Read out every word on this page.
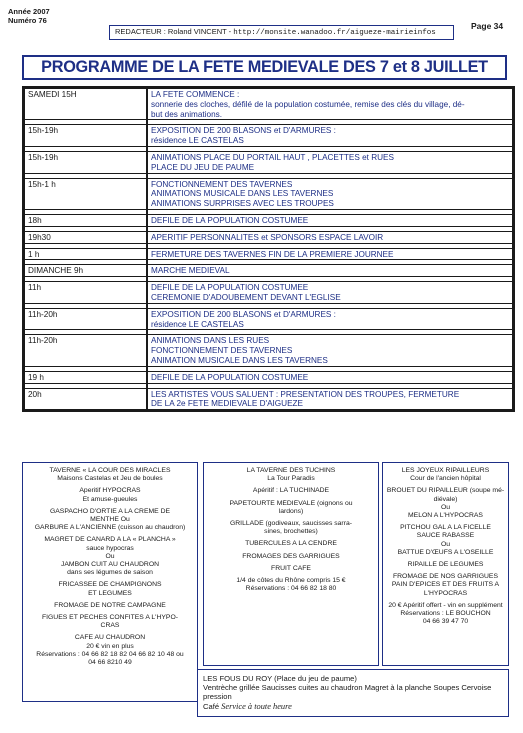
Année 2007
Numéro 76
REDACTEUR : Roland VINCENT - http://monsite.wanadoo.fr/aigueze-mairieinfos
Page 34
PROGRAMME DE LA FETE MEDIEVALE DES 7 et 8 JUILLET
SAMEDI 15H	LA FETE COMMENCE :
sonnerie des cloches, défilé de la population costumée, remise des clés du village, dé-
but des animations.

15h-19h	EXPOSITION DE 200 BLASONS et D'ARMURES :
résidence LE CASTELAS

15h-19h	ANIMATIONS PLACE DU PORTAIL HAUT , PLACETTES et RUES
PLACE DU JEU DE PAUME

15h-1 h	FONCTIONNEMENT DES TAVERNES
ANIMATIONS MUSICALE DANS LES TAVERNES
ANIMATIONS SURPRISES AVEC LES TROUPES

18h	DEFILE DE LA POPULATION COSTUMEE

19h30	APERITIF PERSONNALITES et SPONSORS ESPACE LAVOIR

1 h	FERMETURE DES TAVERNES FIN DE LA PREMIERE JOURNEE

DIMANCHE 9h	MARCHE MEDIEVAL

11h	DEFILE DE LA POPULATION COSTUMEE
CEREMONIE D'ADOUBEMENT DEVANT L'EGLISE

11h-20h	EXPOSITION DE 200 BLASONS et D'ARMURES :
résidence LE CASTELAS

11h-20h	ANIMATIONS DANS LES RUES
FONCTIONNEMENT DES TAVERNES
ANIMATION MUSICALE DANS LES TAVERNES

19 h	DEFILE DE LA POPULATION COSTUMEE

20h	LES ARTISTES VOUS SALUENT : PRESENTATION DES TROUPES, FERMETURE
DE LA 2e FETE MEDIEVALE D'AIGUEZE

TAVERNE « LA COUR DES MIRACLES

Maisons Castelas et Jeu de boules

Aperitif HYPOCRAS

Et amuse-gueules

GASPACHO D'ORTIE A LA CREME DE

MENTHE Ou

GARBURE A L'ANCIENNE (cuisson au chaudron)

MAGRET DE CANARD A LA « PLANCHA »

sauce hypocras

Ou

JAMBON CUIT AU CHAUDRON

dans ses légumes de saison

FRICASSEE DE CHAMPIGNONS

ET LEGUMES

FROMAGE DE NOTRE CAMPAGNE

FIGUES ET PECHES CONFITES A L'HYPO-

CRAS

CAFE AU CHAUDRON

20 € vin en plus

Réservations : 04 66 82 18 82 04 66 82 10 48 ou

04 66 8210 49

LA TAVERNE DES TUCHINS

La Tour Paradis

Apéritif : LA TUCHINADE

PAPETOURTE MÉDIÉVALE (oignons ou

lardons)

GRILLADE (godiveaux, saucisses sarra-

sines, brochettes)

TUBERCULES A LA CENDRE

FROMAGES DES GARRIGUES

FRUIT CAFE

1/4 de côtes du Rhône compris 15 €

Réservations : 04 66 82 18 80

LES JOYEUX RIPAILLEURS

Cour de l'ancien hôpital

BROUET DU RIPAILLEUR (soupe mé-

diévale)

Ou

MELON A L'HYPOCRAS

PITCHOU GAL A LA FICELLE

SAUCE RABASSE

Ou

BATTUE D'ŒUFS A L'OSEILLE

RIPAILLE DE LEGUMES

FROMAGE DE NOS GARRIGUES

PAIN D'EPICES ET DES FRUITS A

L'HYPOCRAS

20 € Apéritif offert - vin en supplément

Réservations : LE BOUCHON

04 66 39 47 70

LES FOUS DU ROY (Place du jeu de paume)
Ventrèche grillée Saucisses cuites au chaudron Magret à la planche Soupes Cervoise
pression
Café Service à toute heure
